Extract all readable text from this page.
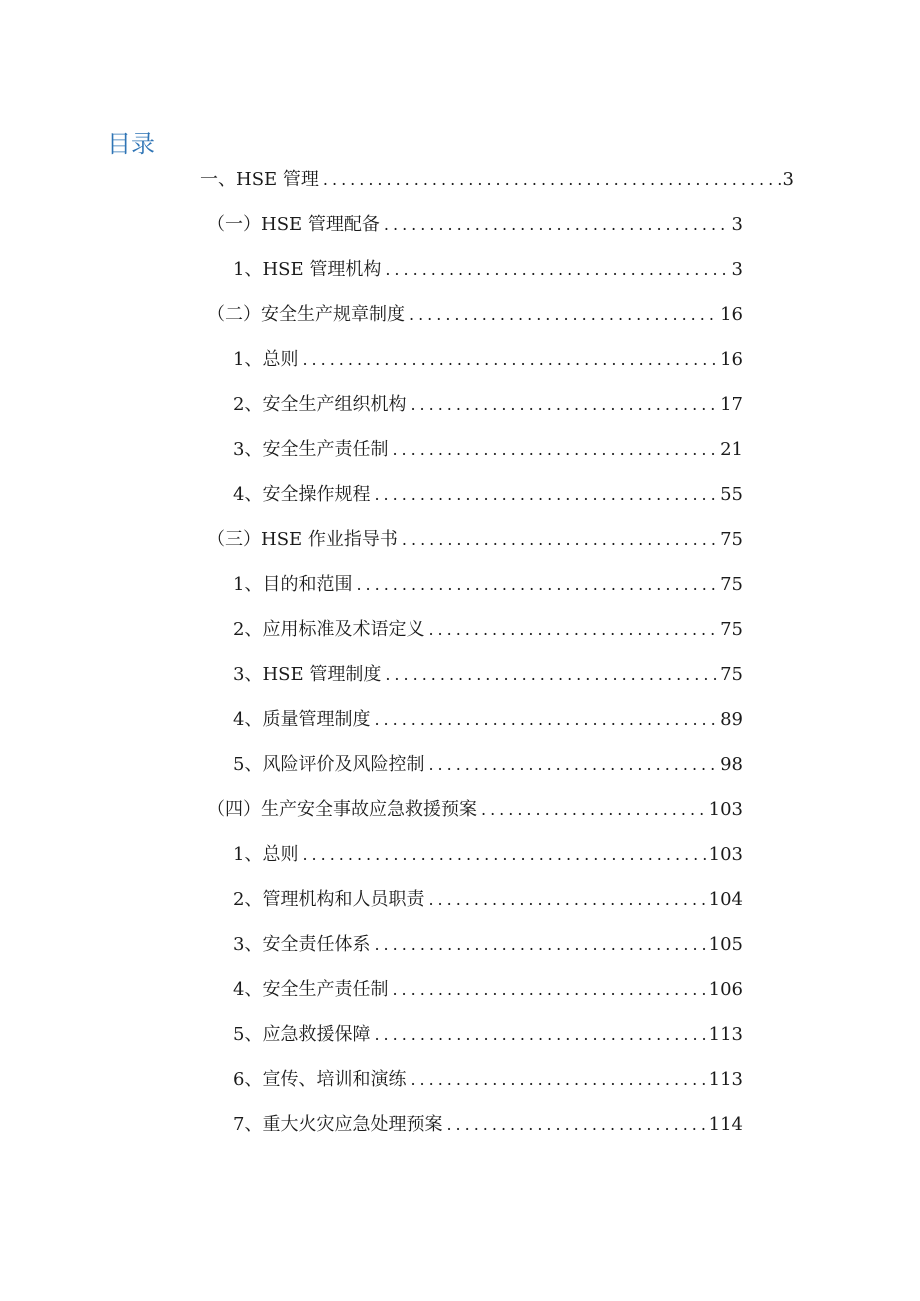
目录
一、HSE 管理 .....	3
（一）HSE 管理配备 .....	3
1、HSE 管理机构 .....	3
（二）安全生产规章制度 .....	16
1、总则 .....	16
2、安全生产组织机构 .....	17
3、安全生产责任制 .....	21
4、安全操作规程 .....	55
（三）HSE 作业指导书 .....	75
1、目的和范围 .....	75
2、应用标准及术语定义 .....	75
3、HSE 管理制度 .....	75
4、质量管理制度 .....	89
5、风险评价及风险控制 .....	98
（四）生产安全事故应急救援预案 .....	103
1、总则 .....	103
2、管理机构和人员职责 .....	104
3、安全责任体系 .....	105
4、安全生产责任制 .....	106
5、应急救援保障 .....	113
6、宣传、培训和演练 .....	113
7、重大火灾应急处理预案 .....	114
